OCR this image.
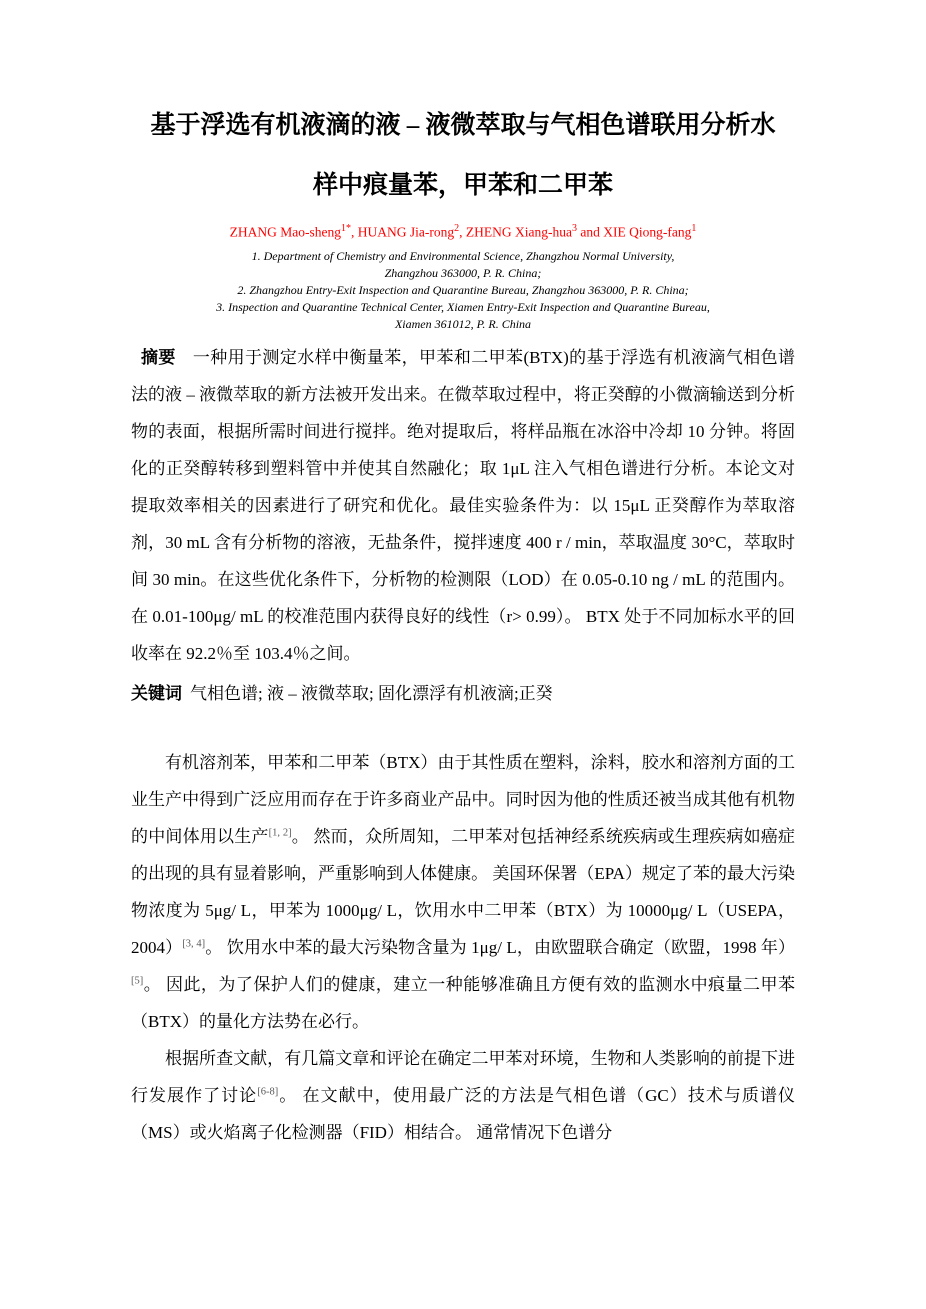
基于浮选有机液滴的液 – 液微萃取与气相色谱联用分析水
样中痕量苯，甲苯和二甲苯
ZHANG Mao-sheng$^{1*}$, HUANG Jia-rong$^2$, ZHENG Xiang-hua$^3$ and XIE Qiong-fang$^1$
1. Department of Chemistry and Environmental Science, Zhangzhou Normal University,
Zhangzhou 363000, P. R. China;
2. Zhangzhou Entry-Exit Inspection and Quarantine Bureau, Zhangzhou 363000, P. R. China;
3. Inspection and Quarantine Technical Center, Xiamen Entry-Exit Inspection and Quarantine Bureau,
Xiamen 361012, P. R. China

摘要 一种用于测定水样中衡量苯，甲苯和二甲苯(BTX)的基于浮选有机液滴气相色谱法的液 – 液微萃取的新方法被开发出来。在微萃取过程中，将正癸醇的小微滴输送到分析物的表面，根据所需时间进行搅拌。绝对提取后，将样品瓶在冰浴中冷却 10 分钟。将固化的正癸醇转移到塑料管中并使其自然融化；取 1μL 注入气相色谱进行分析。本论文对提取效率相关的因素进行了研究和优化。最佳实验条件为：以 15μL 正癸醇作为萃取溶剂，30 mL 含有分析物的溶液，无盐条件，搅拌速度 400 r / min，萃取温度 30°C，萃取时间 30 min。在这些优化条件下，分析物的检测限（LOD）在 0.05-0.10 ng / mL 的范围内。在 0.01-100μg/ mL 的校准范围内获得良好的线性（r> 0.99）。 BTX 处于不同加标水平的回收率在 92.2％至 103.4％之间。

关键词 气相色谱; 液 – 液微萃取; 固化漂浮有机液滴;正癸

有机溶剂苯，甲苯和二甲苯（BTX）由于其性质在塑料，涂料，胶水和溶剂方面的工业生产中得到广泛应用而存在于许多商业产品中。同时因为他的性质还被当成其他有机物的中间体用以生产[1, 2]。 然而，众所周知，二甲苯对包括神经系统疾病或生理疾病如癌症的出现的具有显着影响，严重影响到人体健康。 美国环保署（EPA）规定了苯的最大污染物浓度为 5μg/ L，甲苯为 1000μg/ L，饮用水中二甲苯（BTX）为 10000μg/ L（USEPA，2004）[3, 4]。 饮用水中苯的最大污染物含量为 1μg/ L，由欧盟联合确定（欧盟，1998 年）[5]。 因此，为了保护人们的健康，建立一种能够准确且方便有效的监测水中痕量二甲苯（BTX）的量化方法势在必行。

根据所查文献，有几篇文章和评论在确定二甲苯对环境，生物和人类影响的前提下进行发展作了讨论[6-8]。 在文献中，使用最广泛的方法是气相色谱（GC）技术与质谱仪（MS）或火焰离子化检测器（FID）相结合。 通常情况下色谱分
